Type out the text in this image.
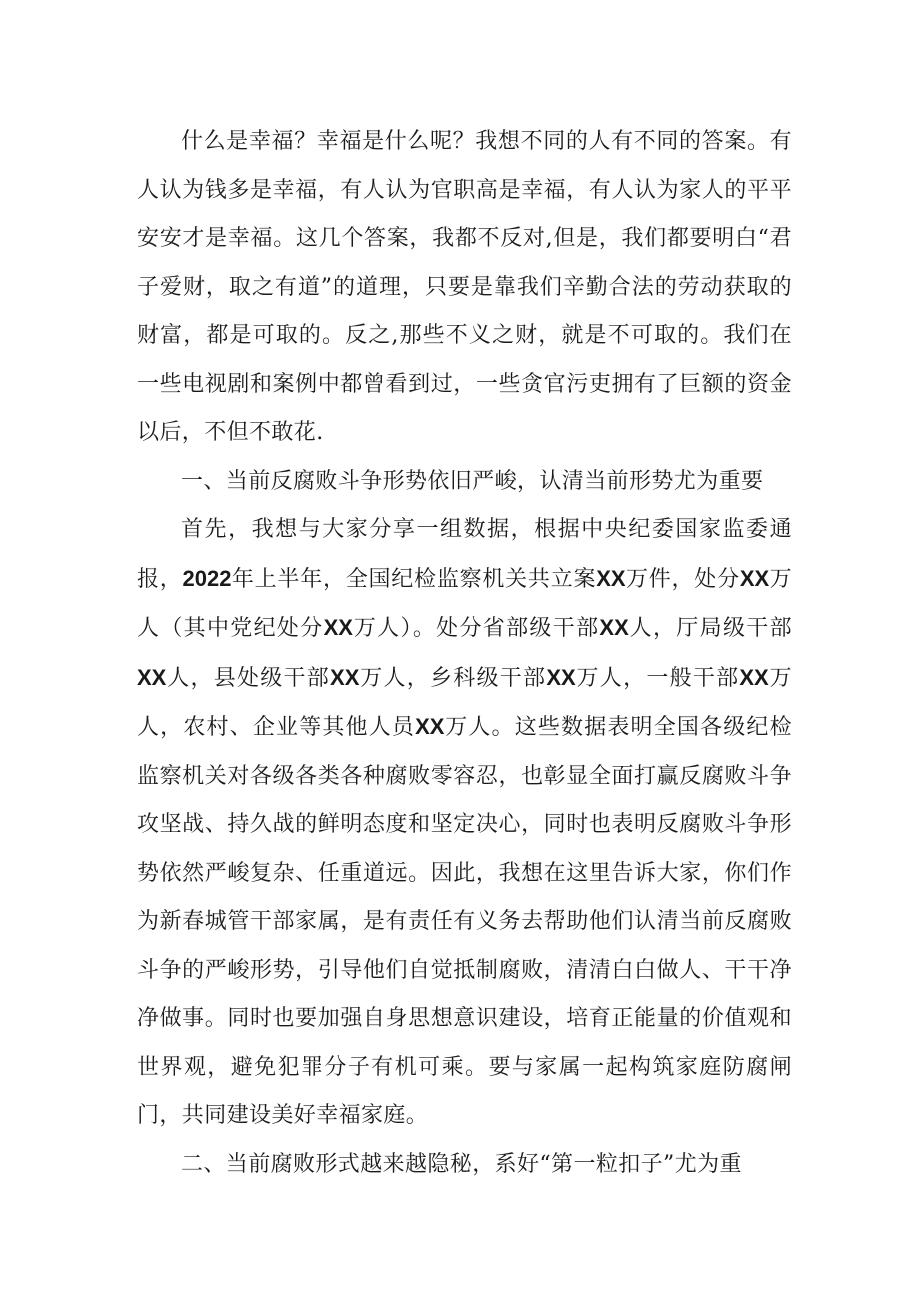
什么是幸福？幸福是什么呢？我想不同的人有不同的答案。有人认为钱多是幸福，有人认为官职高是幸福，有人认为家人的平平安安才是幸福。这几个答案，我都不反对,但是，我们都要明白“君子爱财，取之有道”的道理，只要是靠我们辛勤合法的劳动获取的财富，都是可取的。反之,那些不义之财，就是不可取的。我们在一些电视剧和案例中都曾看到过，一些贪官污吏拥有了巨额的资金以后，不但不敢花.

一、当前反腐败斗争形势依旧严峻，认清当前形势尤为重要

首先，我想与大家分享一组数据，根据中央纪委国家监委通报，2022年上半年，全国纪检监察机关共立案XX万件，处分XX万人（其中党纪处分XX万人）。处分省部级干部XX人，厅局级干部XX人，县处级干部XX万人，乡科级干部XX万人，一般干部XX万人，农村、企业等其他人员XX万人。这些数据表明全国各级纪检监察机关对各级各类各种腐败零容忍，也彰显全面打赢反腐败斗争攻坚战、持久战的鲜明态度和坚定决心，同时也表明反腐败斗争形势依然严峻复杂、任重道远。因此，我想在这里告诉大家，你们作为新春城管干部家属，是有责任有义务去帮助他们认清当前反腐败斗争的严峻形势，引导他们自觉抵制腐败，清清白白做人、干干净净做事。同时也要加强自身思想意识建设，培育正能量的价值观和世界观，避免犯罪分子有机可乘。要与家属一起构筑家庭防腐闸门，共同建设美好幸福家庭。

二、当前腐败形式越来越隐秘，系好“第一粒扣子”尤为重
